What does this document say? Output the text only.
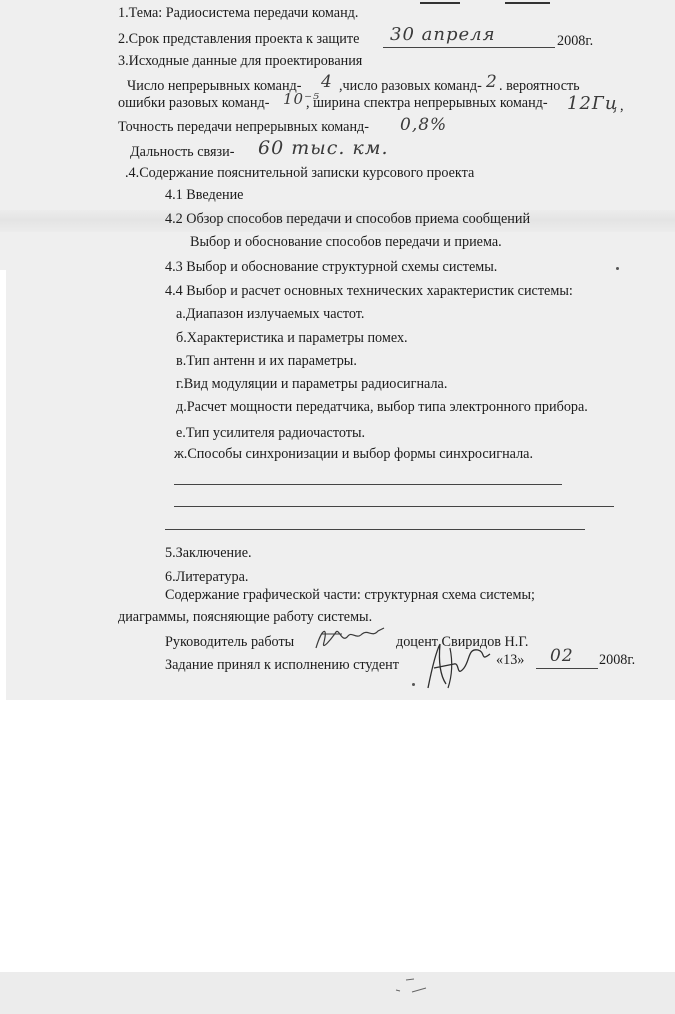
1.Тема: Радиосистема передачи команд.
2.Срок представления проекта к защите 30 апреля	2008г.
3.Исходные данные для проектирования
Число непрерывных команд- 4 ,число разовых команд- 2 . вероятность
ошибки разовых команд- 10⁻⁵
, ширина спектра непрерывных команд- 12Гц ,
Точность передачи непрерывных команд- 0,8%
Дальность связи- 60 тыс. км.
.4.Содержание пояснительной записки курсового проекта
4.1 Введение
4.2 Обзор способов передачи и способов приема сообщений
Выбор и обоснование способов передачи и приема.
4.3 Выбор и обоснование структурной схемы системы.
4.4 Выбор и расчет основных технических характеристик системы:
а.Диапазон излучаемых частот.
б.Характеристика и параметры помех.
в.Тип антенн и их параметры.
г.Вид модуляции и параметры радиосигнала.
д.Расчет мощности передатчика, выбор типа электронного прибора.
е.Тип усилителя радиочастоты.
ж.Способы синхронизации и выбор формы синхросигнала.
5.Заключение.
6.Литература.
Содержание графической части: структурная схема системы;
диаграммы, поясняющие работу системы.
Руководитель работы	доцент Свиридов Н.Г.
Задание принял к исполнению студент	«13» 02 2008г.
